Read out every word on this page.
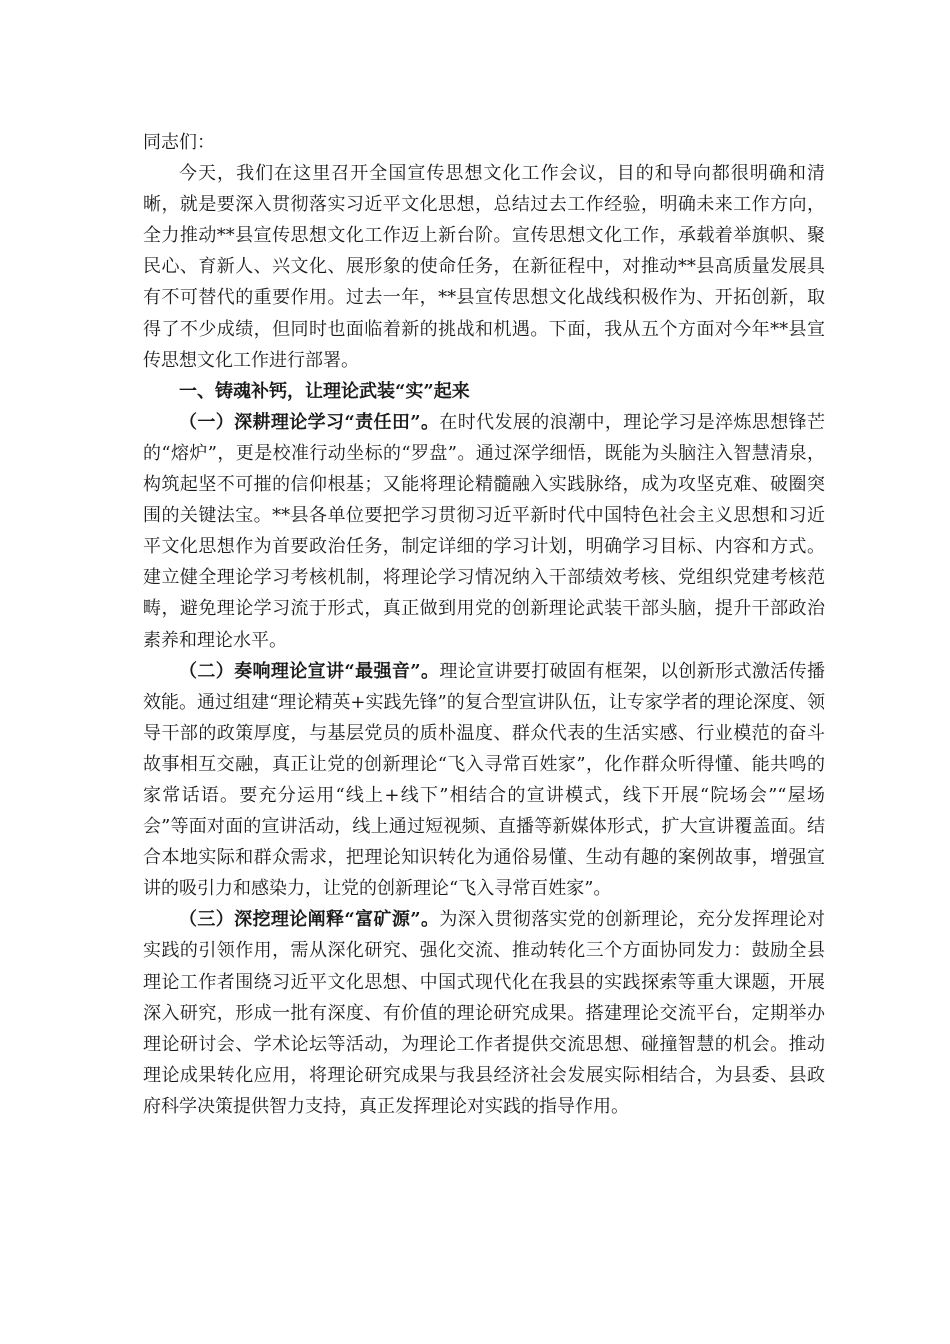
同志们：

今天，我们在这里召开全国宣传思想文化工作会议，目的和导向都很明确和清晰，就是要深入贯彻落实习近平文化思想，总结过去工作经验，明确未来工作方向，全力推动**县宣传思想文化工作迈上新台阶。宣传思想文化工作，承载着举旗帜、聚民心、育新人、兴文化、展形象的使命任务，在新征程中，对推动**县高质量发展具有不可替代的重要作用。过去一年，**县宣传思想文化战线积极作为、开拓创新，取得了不少成绩，但同时也面临着新的挑战和机遇。下面，我从五个方面对今年**县宣传思想文化工作进行部署。

一、铸魂补钙，让理论武装“实”起来

（一）深耕理论学习“责任田”。在时代发展的浪潮中，理论学习是淬炼思想锋芒的“熔炉”，更是校准行动坐标的“罗盘”。通过深学细悟，既能为头脑注入智慧清泉，构筑起坚不可摧的信仰根基；又能将理论精髓融入实践脉络，成为攻坚克难、破圈突围的关键法宝。**县各单位要把学习贯彻习近平新时代中国特色社会主义思想和习近平文化思想作为首要政治任务，制定详细的学习计划，明确学习目标、内容和方式。建立健全理论学习考核机制，将理论学习情况纳入干部绩效考核、党组织党建考核范畴，避免理论学习流于形式，真正做到用党的创新理论武装干部头脑，提升干部政治素养和理论水平。

（二）奏响理论宣讲“最强音”。理论宣讲要打破固有框架，以创新形式激活传播效能。通过组建“理论精英+实践先锋”的复合型宣讲队伍，让专家学者的理论深度、领导干部的政策厚度，与基层党员的质朴温度、群众代表的生活实感、行业模范的奋斗故事相互交融，真正让党的创新理论“飞入寻常百姓家”，化作群众听得懂、能共鸣的家常话语。要充分运用“线上+线下”相结合的宣讲模式，线下开展“院场会”“屋场会”等面对面的宣讲活动，线上通过短视频、直播等新媒体形式，扩大宣讲覆盖面。结合本地实际和群众需求，把理论知识转化为通俗易懂、生动有趣的案例故事，增强宣讲的吸引力和感染力，让党的创新理论“飞入寻常百姓家”。

（三）深挖理论阐释“富矿源”。为深入贯彻落实党的创新理论，充分发挥理论对实践的引领作用，需从深化研究、强化交流、推动转化三个方面协同发力：鼓励全县理论工作者围绕习近平文化思想、中国式现代化在我县的实践探索等重大课题，开展深入研究，形成一批有深度、有价值的理论研究成果。搭建理论交流平台，定期举办理论研讨会、学术论坛等活动，为理论工作者提供交流思想、碰撞智慧的机会。推动理论成果转化应用，将理论研究成果与我县经济社会发展实际相结合，为县委、县政府科学决策提供智力支持，真正发挥理论对实践的指导作用。
